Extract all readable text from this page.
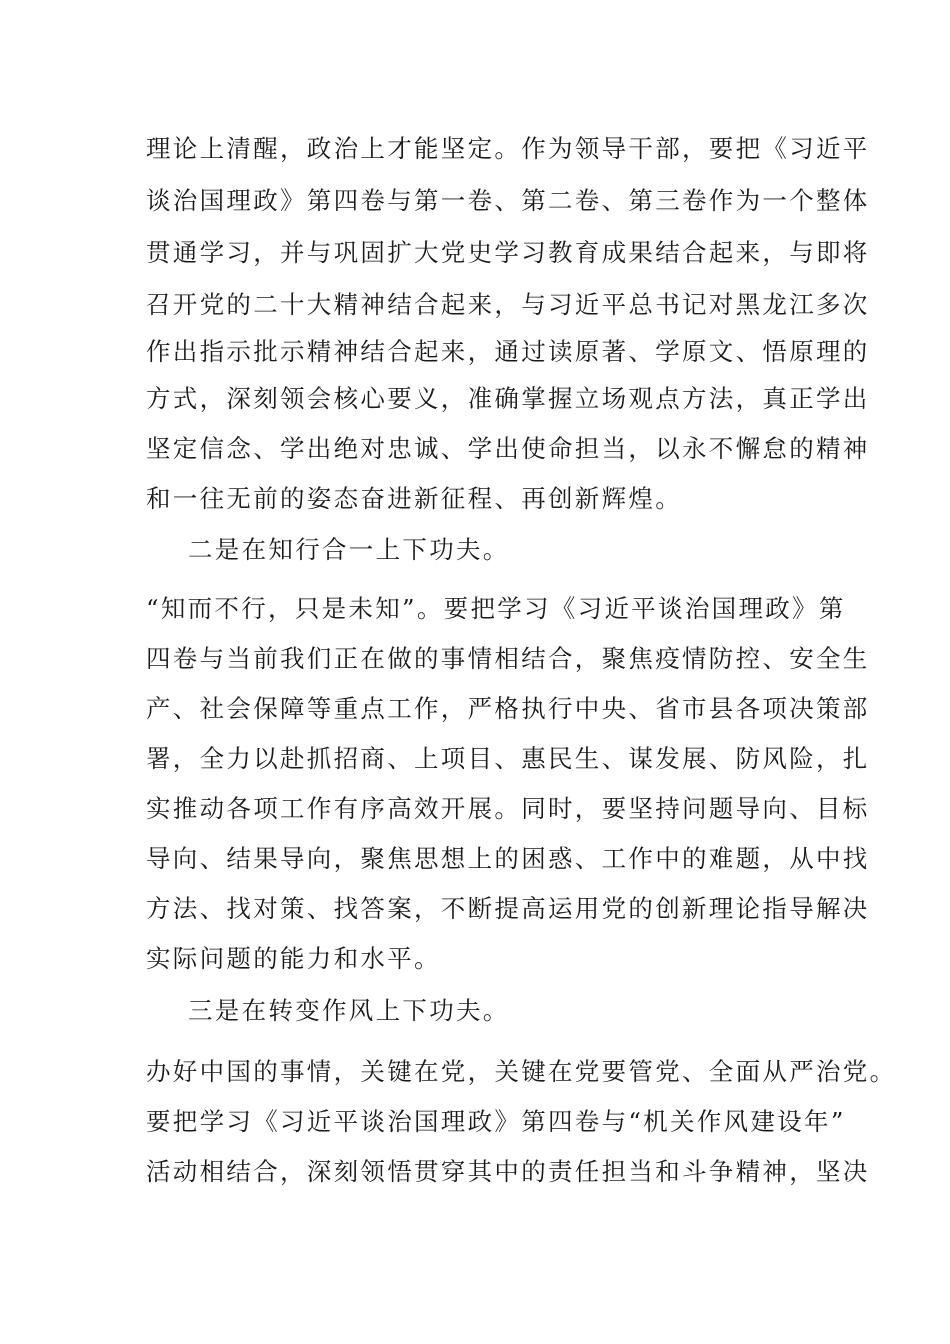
理论上清醒，政治上才能坚定。作为领导干部，要把《习近平
谈治国理政》第四卷与第一卷、第二卷、第三卷作为一个整体
贯通学习，并与巩固扩大党史学习教育成果结合起来，与即将
召开党的二十大精神结合起来，与习近平总书记对黑龙江多次
作出指示批示精神结合起来，通过读原著、学原文、悟原理的
方式，深刻领会核心要义，准确掌握立场观点方法，真正学出
坚定信念、学出绝对忠诚、学出使命担当，以永不懈怠的精神
和一往无前的姿态奋进新征程、再创新辉煌。
二是在知行合一上下功夫。
“知而不行，只是未知”。要把学习《习近平谈治国理政》第
四卷与当前我们正在做的事情相结合，聚焦疫情防控、安全生
产、社会保障等重点工作，严格执行中央、省市县各项决策部
署，全力以赴抓招商、上项目、惠民生、谋发展、防风险，扎
实推动各项工作有序高效开展。同时，要坚持问题导向、目标
导向、结果导向，聚焦思想上的困惑、工作中的难题，从中找
方法、找对策、找答案，不断提高运用党的创新理论指导解决
实际问题的能力和水平。
三是在转变作风上下功夫。
办好中国的事情，关键在党，关键在党要管党、全面从严治党。
要把学习《习近平谈治国理政》第四卷与“机关作风建设年”
活动相结合，深刻领悟贯穿其中的责任担当和斗争精神，坚决
